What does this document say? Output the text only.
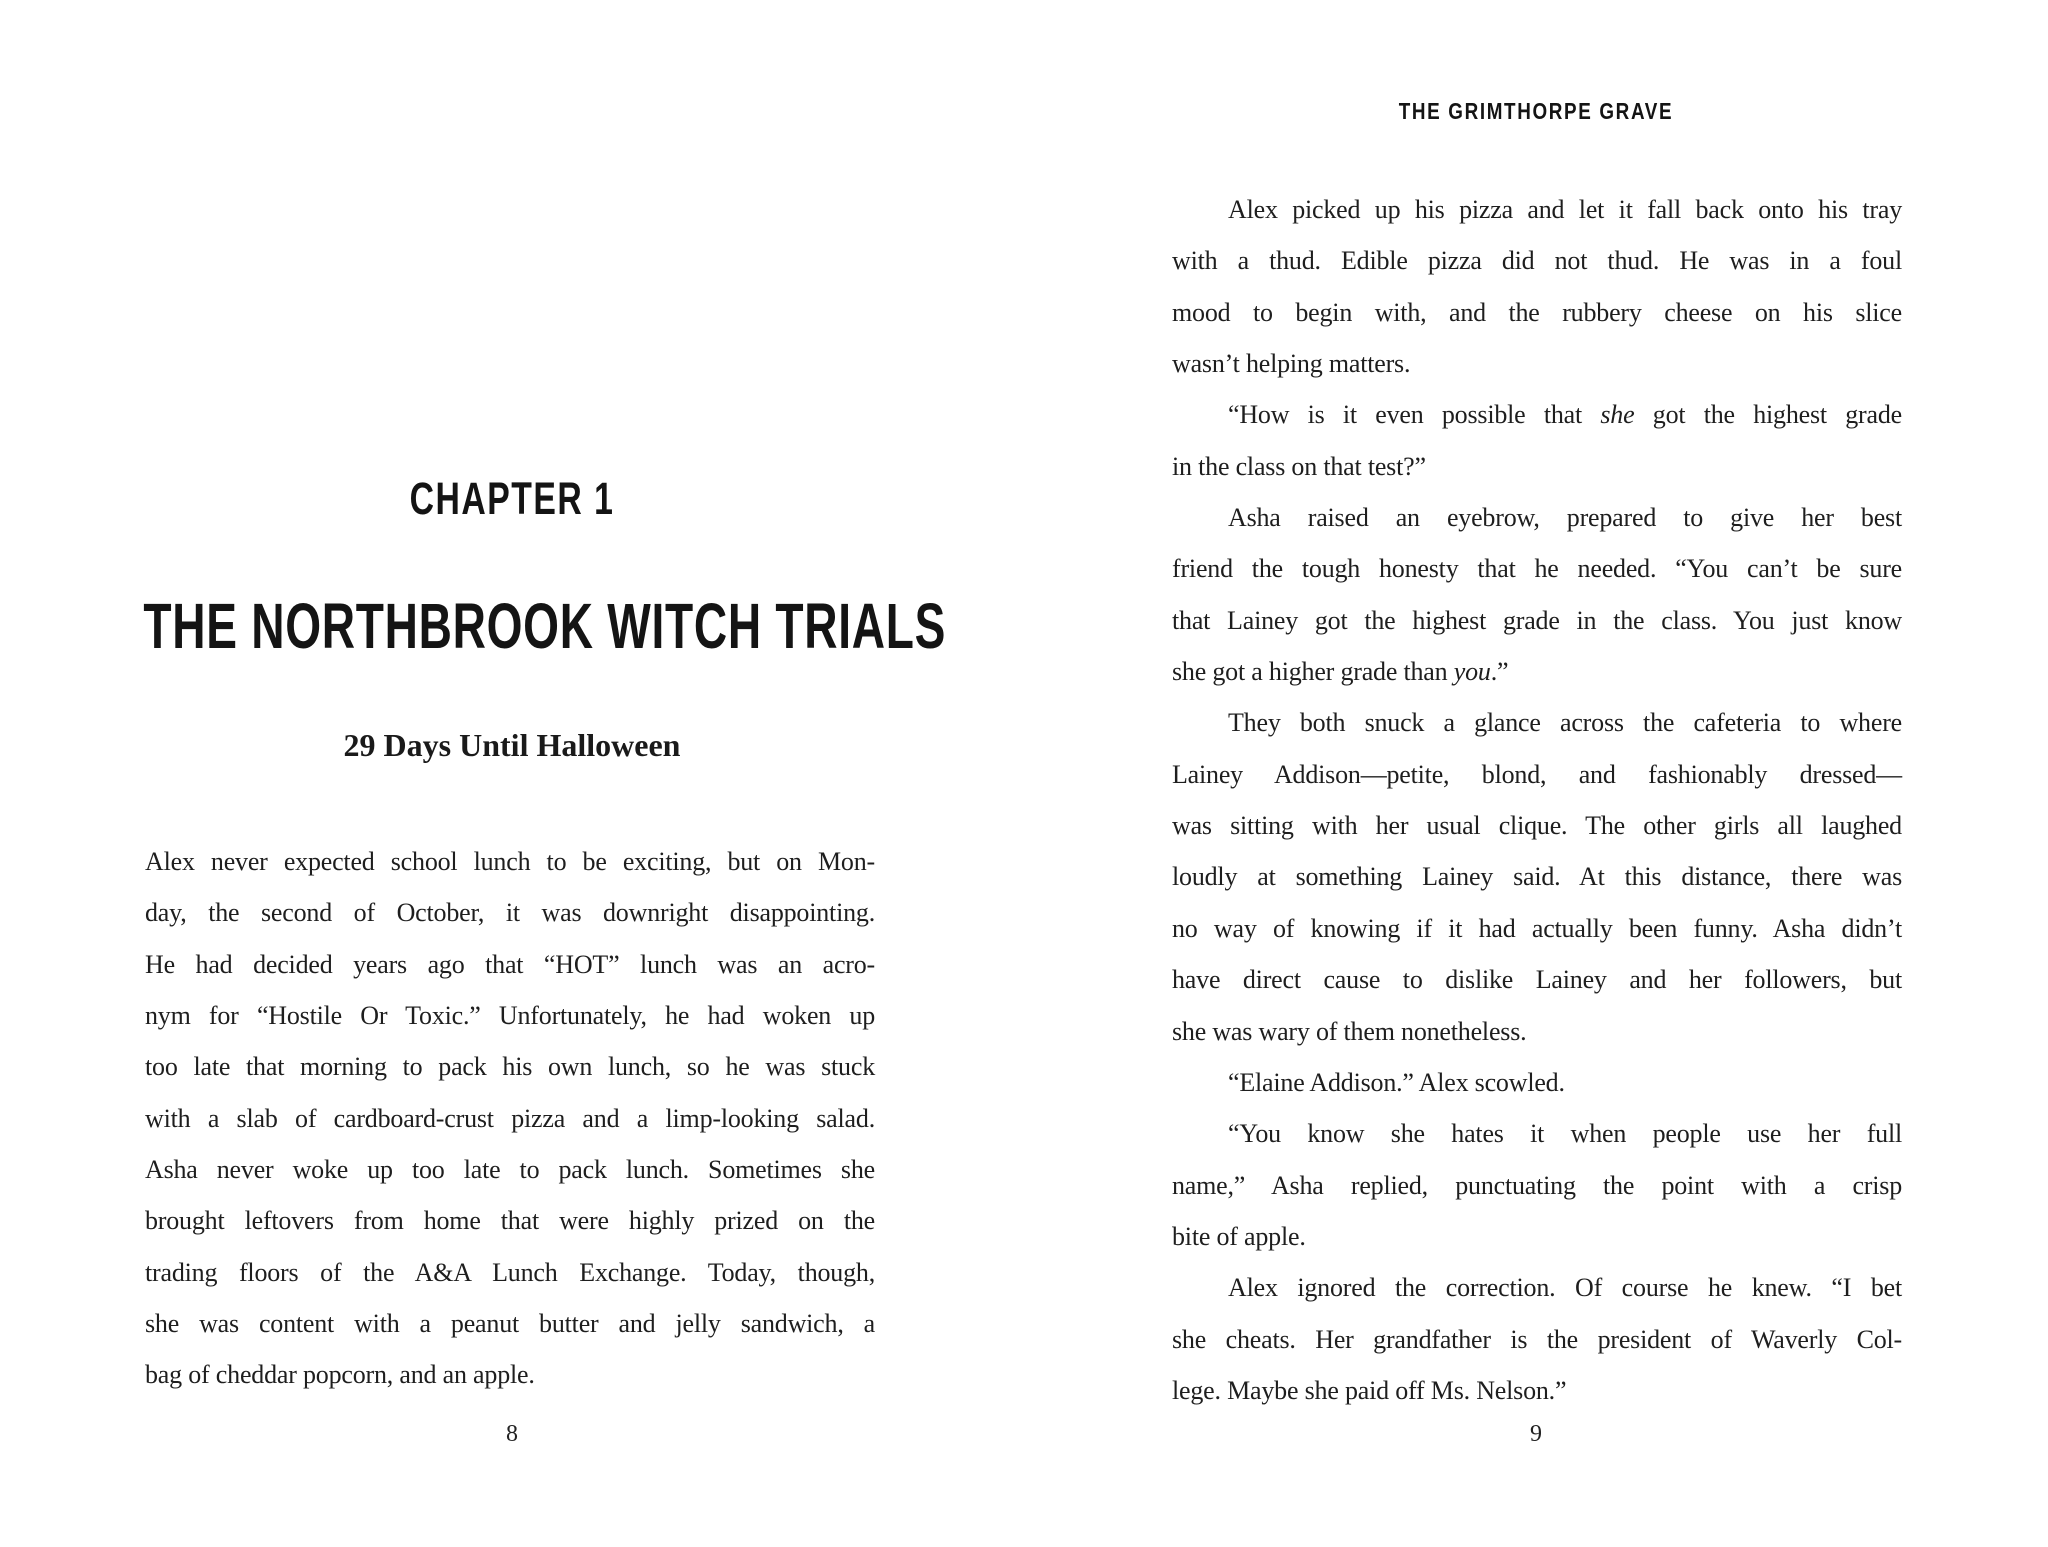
CHAPTER 1
THE NORTHBROOK WITCH TRIALS
29 Days Until Halloween
Alex never expected school lunch to be exciting, but on Mon-
day, the second of October, it was downright disappointing.
He had decided years ago that “HOT” lunch was an acro-
nym for “Hostile Or Toxic.” Unfortunately, he had woken up
too late that morning to pack his own lunch, so he was stuck
with a slab of cardboard-crust pizza and a limp-looking salad.
Asha never woke up too late to pack lunch. Sometimes she
brought leftovers from home that were highly prized on the
trading floors of the A&A Lunch Exchange. Today, though,
she was content with a peanut butter and jelly sandwich, a
bag of cheddar popcorn, and an apple.
8
THE GRIMTHORPE GRAVE
Alex picked up his pizza and let it fall back onto his tray
with a thud. Edible pizza did not thud. He was in a foul
mood to begin with, and the rubbery cheese on his slice
wasn’t helping matters.
“How is it even possible that she got the highest grade
in the class on that test?”
Asha raised an eyebrow, prepared to give her best
friend the tough honesty that he needed. “You can’t be sure
that Lainey got the highest grade in the class. You just know
she got a higher grade than you.”
They both snuck a glance across the cafeteria to where
Lainey Addison—petite, blond, and fashionably dressed—
was sitting with her usual clique. The other girls all laughed
loudly at something Lainey said. At this distance, there was
no way of knowing if it had actually been funny. Asha didn’t
have direct cause to dislike Lainey and her followers, but
she was wary of them nonetheless.
“Elaine Addison.” Alex scowled.
“You know she hates it when people use her full
name,” Asha replied, punctuating the point with a crisp
bite of apple.
Alex ignored the correction. Of course he knew. “I bet
she cheats. Her grandfather is the president of Waverly Col-
lege. Maybe she paid off Ms. Nelson.”
9
